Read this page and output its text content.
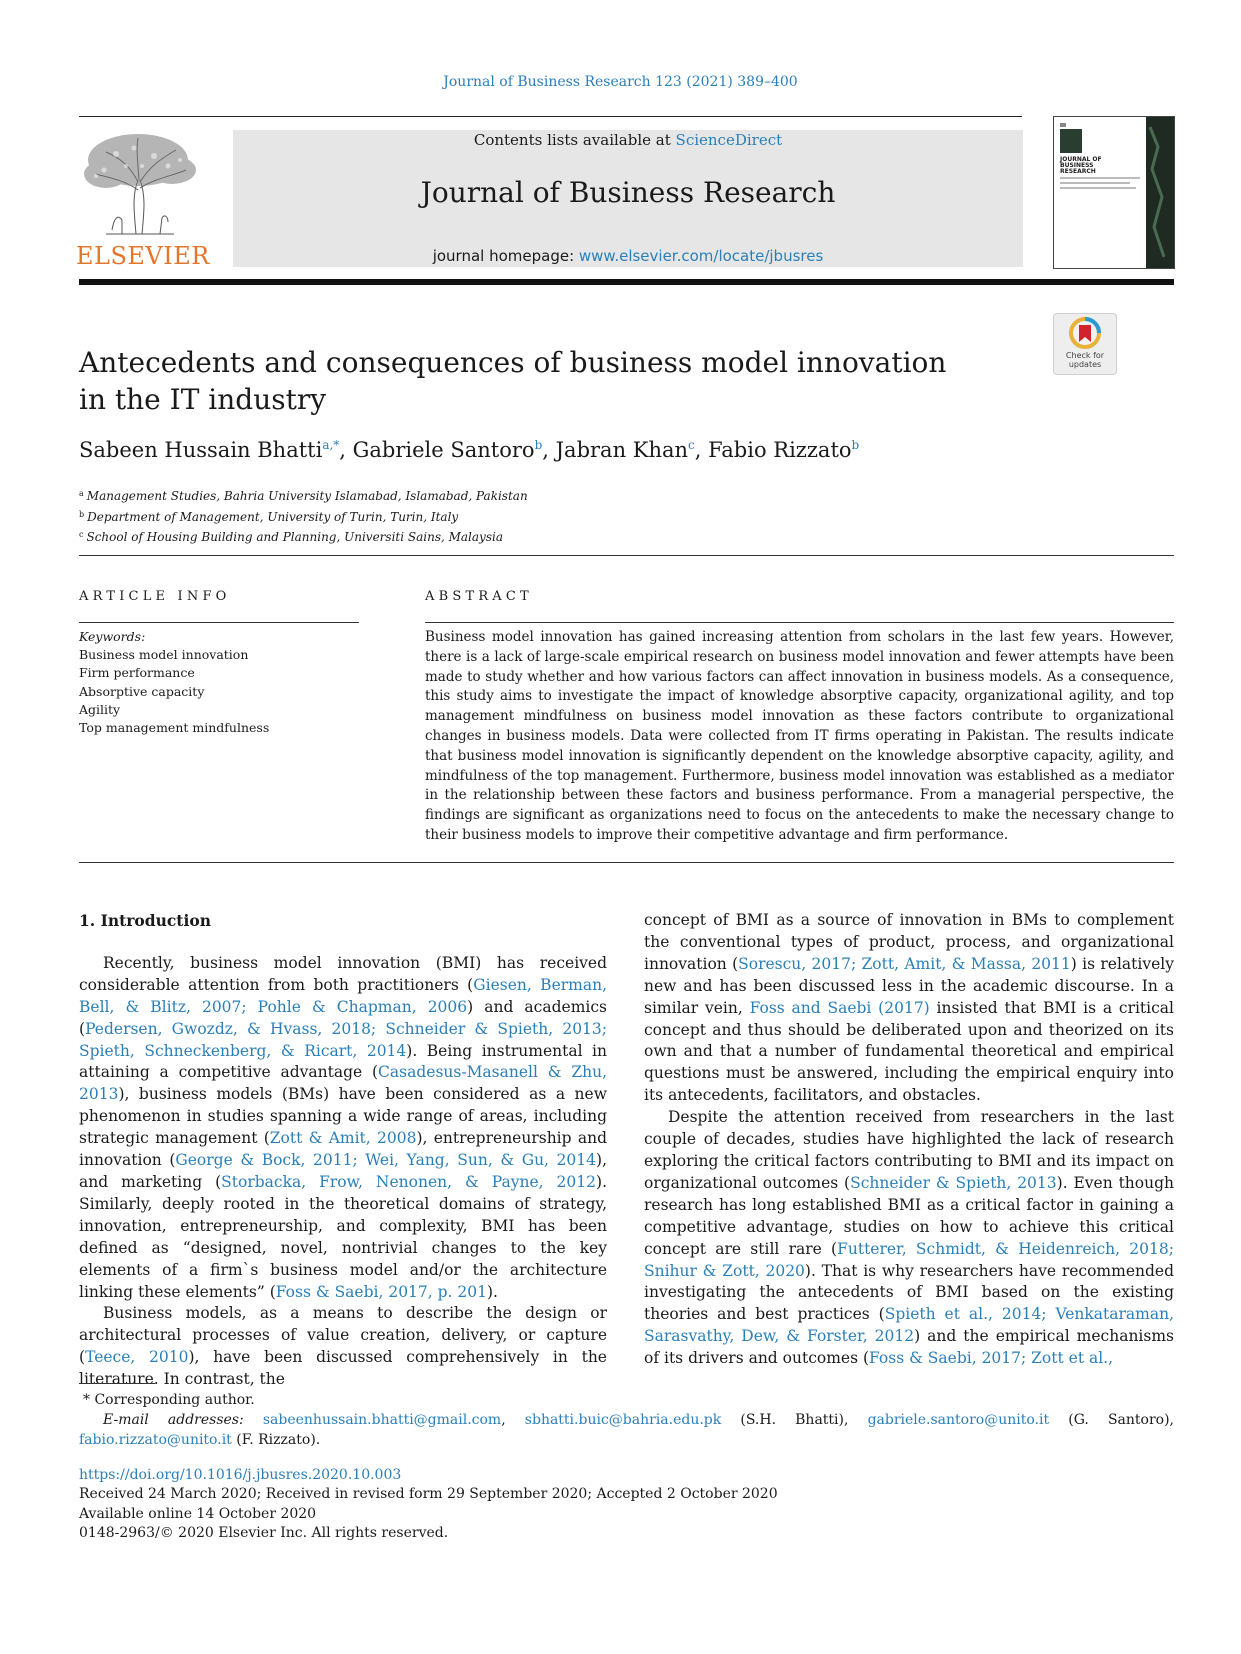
Journal of Business Research 123 (2021) 389–400
ELSEVIER
Contents lists available at ScienceDirect
Journal of Business Research
journal homepage: www.elsevier.com/locate/jbusres
JOURNAL OF BUSINESS RESEARCH
Check for updates
Antecedents and consequences of business model innovation in the IT industry
Sabeen Hussain Bhatti$^{a,*}$, Gabriele Santoro$^b$, Jabran Khan$^c$, Fabio Rizzato$^b$
$^a$ Management Studies, Bahria University Islamabad, Islamabad, Pakistan
$^b$ Department of Management, University of Turin, Turin, Italy
$^c$ School of Housing Building and Planning, Universiti Sains, Malaysia
ARTICLE INFO	ABSTRACT
Keywords:
Business model innovation
Firm performance
Absorptive capacity
Agility
Top management mindfulness
Business model innovation has gained increasing attention from scholars in the last few years. However, there is a lack of large-scale empirical research on business model innovation and fewer attempts have been made to study whether and how various factors can affect innovation in business models. As a consequence, this study aims to investigate the impact of knowledge absorptive capacity, organizational agility, and top management mindfulness on business model innovation as these factors contribute to organizational changes in business models. Data were collected from IT firms operating in Pakistan. The results indicate that business model innovation is significantly dependent on the knowledge absorptive capacity, agility, and mindfulness of the top management. Furthermore, business model innovation was established as a mediator in the relationship between these factors and business performance. From a managerial perspective, the findings are significant as organizations need to focus on the antecedents to make the necessary change to their business models to improve their competitive advantage and firm performance.
1. Introduction

Recently, business model innovation (BMI) has received considerable attention from both practitioners (Giesen, Berman, Bell, & Blitz, 2007; Pohle & Chapman, 2006) and academics (Pedersen, Gwozdz, & Hvass, 2018; Schneider & Spieth, 2013; Spieth, Schneckenberg, & Ricart, 2014). Being instrumental in attaining a competitive advantage (Casadesus-Masanell & Zhu, 2013), business models (BMs) have been considered as a new phenomenon in studies spanning a wide range of areas, including strategic management (Zott & Amit, 2008), entrepreneurship and innovation (George & Bock, 2011; Wei, Yang, Sun, & Gu, 2014), and marketing (Storbacka, Frow, Nenonen, & Payne, 2012). Similarly, deeply rooted in the theoretical domains of strategy, innovation, entrepreneurship, and complexity, BMI has been defined as “designed, novel, nontrivial changes to the key elements of a firm`s business model and/or the architecture linking these elements” (Foss & Saebi, 2017, p. 201).

Business models, as a means to describe the design or architectural processes of value creation, delivery, or capture (Teece, 2010), have been discussed comprehensively in the literature. In contrast, the

concept of BMI as a source of innovation in BMs to complement the conventional types of product, process, and organizational innovation (Sorescu, 2017; Zott, Amit, & Massa, 2011) is relatively new and has been discussed less in the academic discourse. In a similar vein, Foss and Saebi (2017) insisted that BMI is a critical concept and thus should be deliberated upon and theorized on its own and that a number of fundamental theoretical and empirical questions must be answered, including the empirical enquiry into its antecedents, facilitators, and obstacles.

Despite the attention received from researchers in the last couple of decades, studies have highlighted the lack of research exploring the critical factors contributing to BMI and its impact on organizational outcomes (Schneider & Spieth, 2013). Even though research has long established BMI as a critical factor in gaining a competitive advantage, studies on how to achieve this critical concept are still rare (Futterer, Schmidt, & Heidenreich, 2018; Snihur & Zott, 2020). That is why researchers have recommended investigating the antecedents of BMI based on the existing theories and best practices (Spieth et al., 2014; Venkataraman, Sarasvathy, Dew, & Forster, 2012) and the empirical mechanisms of its drivers and outcomes (Foss & Saebi, 2017; Zott et al.,

* Corresponding author.
E-mail addresses: sabeenhussain.bhatti@gmail.com, sbhatti.buic@bahria.edu.pk (S.H. Bhatti), gabriele.santoro@unito.it (G. Santoro), fabio.rizzato@unito.it (F. Rizzato).
https://doi.org/10.1016/j.jbusres.2020.10.003
Received 24 March 2020; Received in revised form 29 September 2020; Accepted 2 October 2020
Available online 14 October 2020
0148-2963/© 2020 Elsevier Inc. All rights reserved.
